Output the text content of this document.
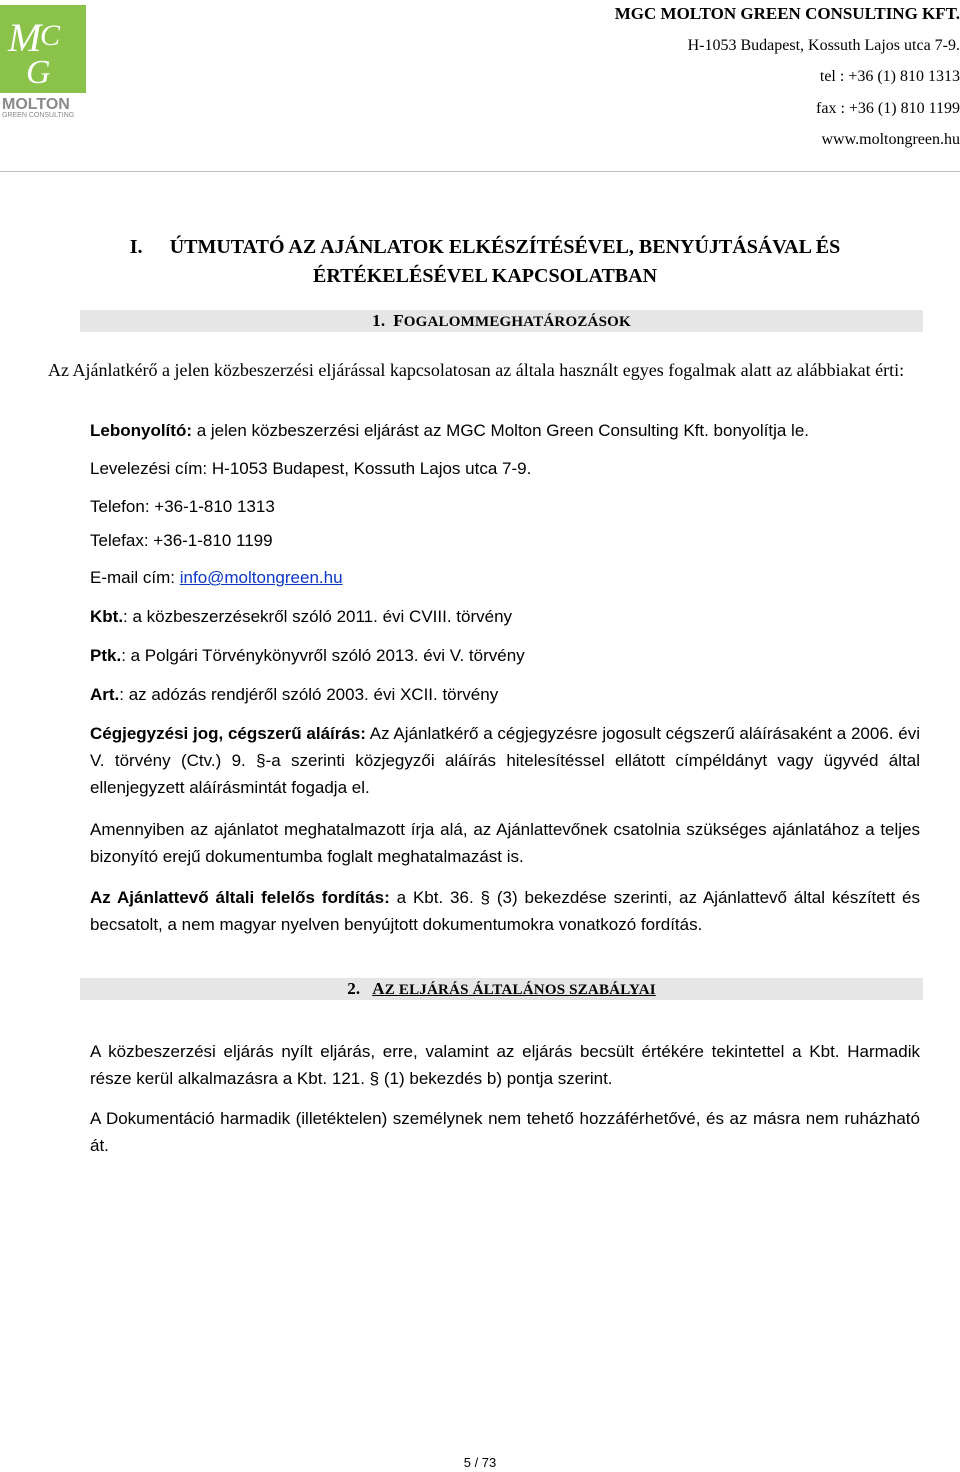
M
C
G
MOLTON
GREEN CONSULTING
MGC MOLTON GREEN CONSULTING KFT.
H-1053 Budapest, Kossuth Lajos utca 7-9.
tel : +36 (1) 810 1313
fax : +36 (1) 810 1199
www.moltongreen.hu
I. ÚTMUTATÓ AZ AJÁNLATOK ELKÉSZÍTÉSÉVEL, BENYÚJTÁSÁVAL ÉS
ÉRTÉKELÉSÉVEL KAPCSOLATBAN
1. FOGALOMMEGHATÁROZÁSOK
Az Ajánlatkérő a jelen közbeszerzési eljárással kapcsolatosan az általa használt egyes fogalmak alatt az alábbiakat érti:
Lebonyolító: a jelen közbeszerzési eljárást az MGC Molton Green Consulting Kft. bonyolítja le.
Levelezési cím: H-1053 Budapest, Kossuth Lajos utca 7-9.
Telefon: +36-1-810 1313
Telefax: +36-1-810 1199
E-mail cím: info@moltongreen.hu
Kbt.: a közbeszerzésekről szóló 2011. évi CVIII. törvény
Ptk.: a Polgári Törvénykönyvről szóló 2013. évi V. törvény
Art.: az adózás rendjéről szóló 2003. évi XCII. törvény
Cégjegyzési jog, cégszerű aláírás: Az Ajánlatkérő a cégjegyzésre jogosult cégszerű aláírásaként a 2006. évi V. törvény (Ctv.) 9. §-a szerinti közjegyzői aláírás hitelesítéssel ellátott címpéldányt vagy ügyvéd által ellenjegyzett aláírásmintát fogadja el.
Amennyiben az ajánlatot meghatalmazott írja alá, az Ajánlattevőnek csatolnia szükséges ajánlatához a teljes bizonyító erejű dokumentumba foglalt meghatalmazást is.
Az Ajánlattevő általi felelős fordítás: a Kbt. 36. § (3) bekezdése szerinti, az Ajánlattevő által készített és becsatolt, a nem magyar nyelven benyújtott dokumentumokra vonatkozó fordítás.
2. AZ ELJÁRÁS ÁLTALÁNOS SZABÁLYAI
A közbeszerzési eljárás nyílt eljárás, erre, valamint az eljárás becsült értékére tekintettel a Kbt. Harmadik része kerül alkalmazásra a Kbt. 121. § (1) bekezdés b) pontja szerint.
A Dokumentáció harmadik (illetéktelen) személynek nem tehető hozzáférhetővé, és az másra nem ruházható át.
5 / 73
